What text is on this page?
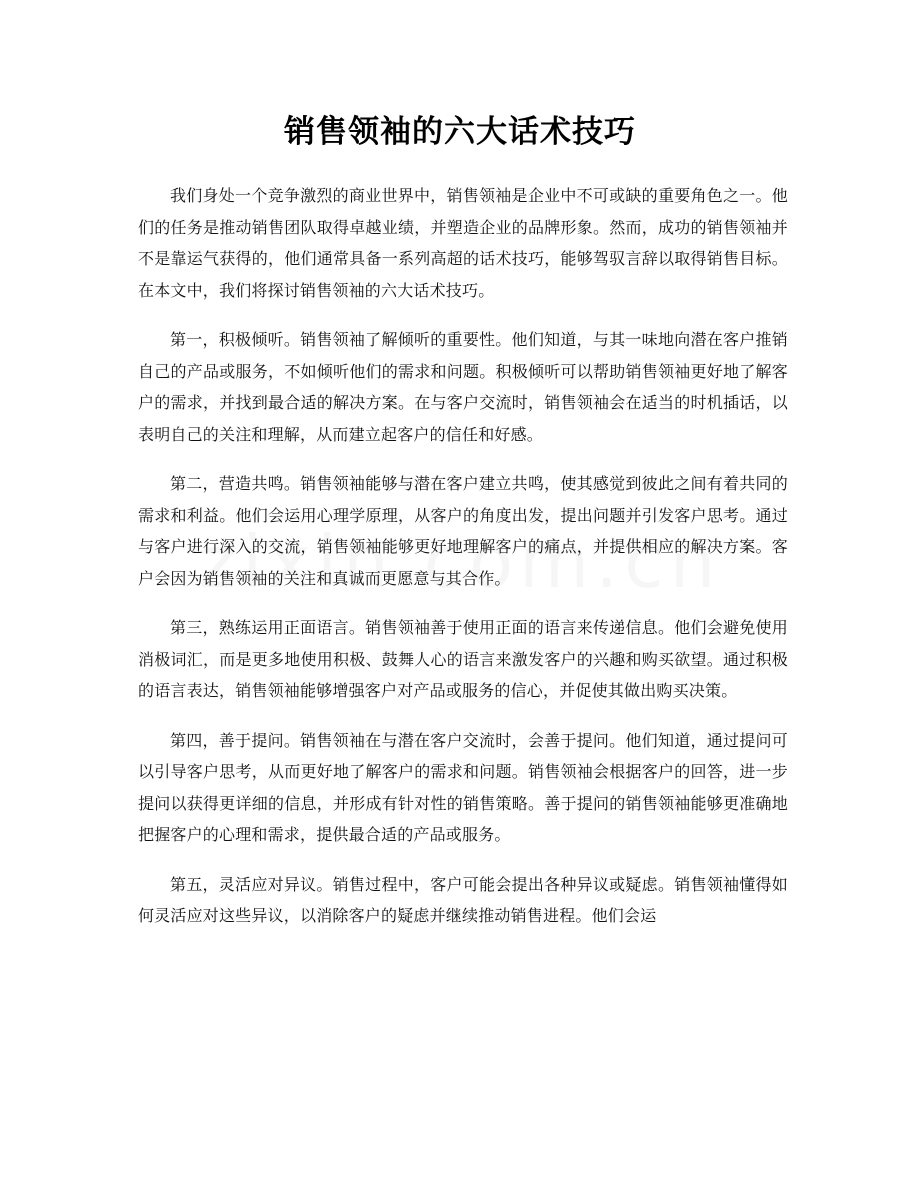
销售领袖的六大话术技巧

我们身处一个竞争激烈的商业世界中，销售领袖是企业中不可或缺的重要角色之一。他们的任务是推动销售团队取得卓越业绩，并塑造企业的品牌形象。然而，成功的销售领袖并不是靠运气获得的，他们通常具备一系列高超的话术技巧，能够驾驭言辞以取得销售目标。在本文中，我们将探讨销售领袖的六大话术技巧。

第一，积极倾听。销售领袖了解倾听的重要性。他们知道，与其一味地向潜在客户推销自己的产品或服务，不如倾听他们的需求和问题。积极倾听可以帮助销售领袖更好地了解客户的需求，并找到最合适的解决方案。在与客户交流时，销售领袖会在适当的时机插话，以表明自己的关注和理解，从而建立起客户的信任和好感。

第二，营造共鸣。销售领袖能够与潜在客户建立共鸣，使其感觉到彼此之间有着共同的需求和利益。他们会运用心理学原理，从客户的角度出发，提出问题并引发客户思考。通过与客户进行深入的交流，销售领袖能够更好地理解客户的痛点，并提供相应的解决方案。客户会因为销售领袖的关注和真诚而更愿意与其合作。

第三，熟练运用正面语言。销售领袖善于使用正面的语言来传递信息。他们会避免使用消极词汇，而是更多地使用积极、鼓舞人心的语言来激发客户的兴趣和购买欲望。通过积极的语言表达，销售领袖能够增强客户对产品或服务的信心，并促使其做出购买决策。

第四，善于提问。销售领袖在与潜在客户交流时，会善于提问。他们知道，通过提问可以引导客户思考，从而更好地了解客户的需求和问题。销售领袖会根据客户的回答，进一步提问以获得更详细的信息，并形成有针对性的销售策略。善于提问的销售领袖能够更准确地把握客户的心理和需求，提供最合适的产品或服务。

第五，灵活应对异议。销售过程中，客户可能会提出各种异议或疑虑。销售领袖懂得如何灵活应对这些异议，以消除客户的疑虑并继续推动销售进程。他们会运
